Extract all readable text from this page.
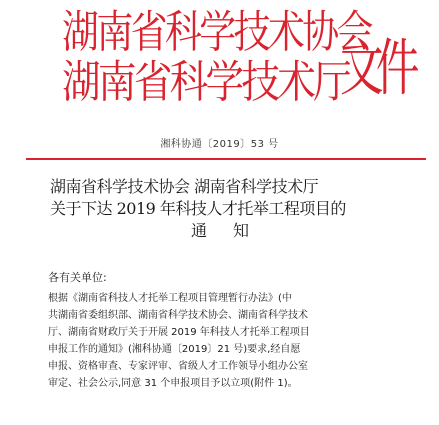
湖南省科学技术协会
湖南省科学技术厅
文件
湘科协通〔2019〕53 号
湖南省科学技术协会 湖南省科学技术厅
关于下达 2019 年科技人才托举工程项目的
通知
各有关单位:
根据《湖南省科技人才托举工程项目管理暂行办法》(中
共湖南省委组织部、湖南省科学技术协会、湖南省科学技术
厅、湖南省财政厅关于开展 2019 年科技人才托举工程项目
申报工作的通知》(湘科协通〔2019〕21 号)要求,经自愿
申报、资格审查、专家评审、省级人才工作领导小组办公室
审定、社会公示,同意 31 个申报项目予以立项(附件 1)。
